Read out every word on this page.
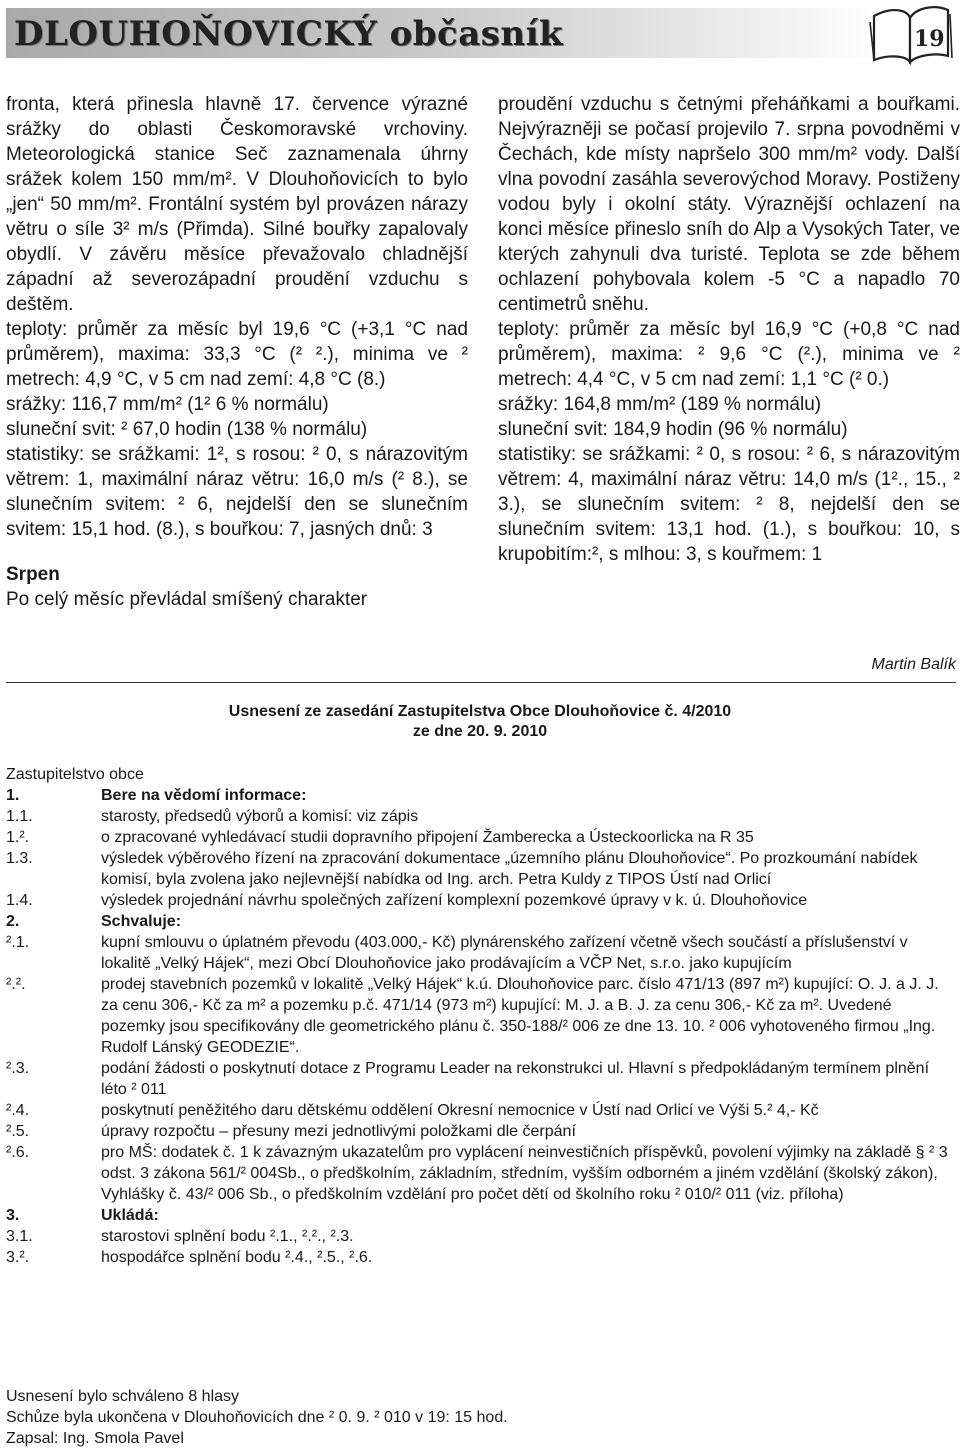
DLOUHOŇOVICKÝ občasník	19

fronta, která přinesla hlavně 17. července výrazné srážky do oblasti Českomoravské vrchoviny. Meteorologická stanice Seč zaznamenala úhrny srážek kolem 150 mm/m². V Dlouhoňovicích to bylo „jen“ 50 mm/m². Frontální systém byl provázen nárazy větru o síle 3² m/s (Přimda). Silné bouřky zapalovaly obydlí. V závěru měsíce převažovalo chladnější západní až severozápadní proudění vzduchu s deštěm.

teploty: průměr za měsíc byl 19,6 °C (+3,1 °C nad průměrem), maxima: 33,3 °C (² ².), minima ve ² metrech: 4,9 °C, v 5 cm nad zemí: 4,8 °C (8.)

srážky: 116,7 mm/m² (1² 6 % normálu)

sluneční svit: ² 67,0 hodin (138 % normálu)

statistiky: se srážkami: 1², s rosou: ² 0, s nárazovitým větrem: 1, maximální náraz větru: 16,0 m/s (² 8.), se slunečním svitem: ² 6, nejdelší den se slunečním svitem: 15,1 hod. (8.), s bouřkou: 7, jasných dnů: 3

Srpen

Po celý měsíc převládal smíšený charakter

proudění vzduchu s četnými přeháňkami a bouřkami. Nejvýrazněji se počasí projevilo 7. srpna povodněmi v Čechách, kde místy napršelo 300 mm/m² vody. Další vlna povodní zasáhla severovýchod Moravy. Postiženy vodou byly i okolní státy. Výraznější ochlazení na konci měsíce přineslo sníh do Alp a Vysokých Tater, ve kterých zahynuli dva turisté. Teplota se zde během ochlazení pohybovala kolem -5 °C a napadlo 70 centimetrů sněhu.

teploty: průměr za měsíc byl 16,9 °C (+0,8 °C nad průměrem), maxima: ² 9,6 °C (².), minima ve ² metrech: 4,4 °C, v 5 cm nad zemí: 1,1 °C (² 0.)

srážky: 164,8 mm/m² (189 % normálu)

sluneční svit: 184,9 hodin (96 % normálu)

statistiky: se srážkami: ² 0, s rosou: ² 6, s nárazovitým větrem: 4, maximální náraz větru: 14,0 m/s (1²., 15., ² 3.), se slunečním svitem: ² 8, nejdelší den se slunečním svitem: 13,1 hod. (1.), s bouřkou: 10, s krupobitím:², s mlhou: 3, s kouřmem: 1

Martin Balík
Usnesení ze zasedání Zastupitelstva Obce Dlouhoňovice č. 4/2010
ze dne 20. 9. 2010
Zastupitelstvo obce
1.	Bere na vědomí informace:
1.1.	starosty, předsedů výborů a komisí: viz zápis
1.².	o zpracované vyhledávací studii dopravního připojení Žamberecka a Ústeckoorlicka na R 35
1.3.	výsledek výběrového řízení na zpracování dokumentace „územního plánu Dlouhoňovice“. Po prozkoumání nabídek komisí, byla zvolena jako nejlevnější nabídka od Ing. arch. Petra Kuldy z TIPOS Ústí nad Orlicí
1.4.	výsledek projednání návrhu společných zařízení komplexní pozemkové úpravy v k. ú. Dlouhoňovice
2.	Schvaluje:
².1.	kupní smlouvu o úplatném převodu (403.000,- Kč) plynárenského zařízení včetně všech součástí a příslušenství v lokalitě „Velký Hájek“, mezi Obcí Dlouhoňovice jako prodávajícím a VČP Net, s.r.o. jako kupujícím
².².	prodej stavebních pozemků v lokalitě „Velký Hájek“ k.ú. Dlouhoňovice parc. číslo 471/13 (897 m²) kupující: O. J. a J. J. za cenu 306,- Kč za m² a pozemku p.č. 471/14 (973 m²) kupující: M. J. a B. J. za cenu 306,- Kč za m². Uvedené pozemky jsou specifikovány dle geometrického plánu č. 350-188/² 006 ze dne 13. 10. ² 006 vyhotoveného firmou „Ing. Rudolf Lánský GEODEZIE“.
².3.	podání žádosti o poskytnutí dotace z Programu Leader na rekonstrukci ul. Hlavní s předpokládaným termínem plnění léto ² 011
².4.	poskytnutí peněžitého daru dětskému oddělení Okresní nemocnice v Ústí nad Orlicí ve Výši 5.² 4,- Kč
².5.	úpravy rozpočtu – přesuny mezi jednotlivými položkami dle čerpání
².6.	pro MŠ: dodatek č. 1 k závazným ukazatelům pro vyplácení neinvestičních příspěvků, povolení výjimky na základě § ² 3 odst. 3 zákona 561/² 004Sb., o předškolním, základním, středním, vyšším odborném a jiném vzdělání (školský zákon), Vyhlášky č. 43/² 006 Sb., o předškolním vzdělání pro počet dětí od školního roku ² 010/² 011 (viz. příloha)
3.	Ukládá:
3.1.	starostovi splnění bodu ².1., ².²., ².3.
3.².	hospodářce splnění bodu ².4., ².5., ².6.
Usnesení bylo schváleno 8 hlasy
Schůze byla ukončena v Dlouhoňovicích dne ² 0. 9. ² 010 v 19: 15 hod.
Zapsal: Ing. Smola Pavel
